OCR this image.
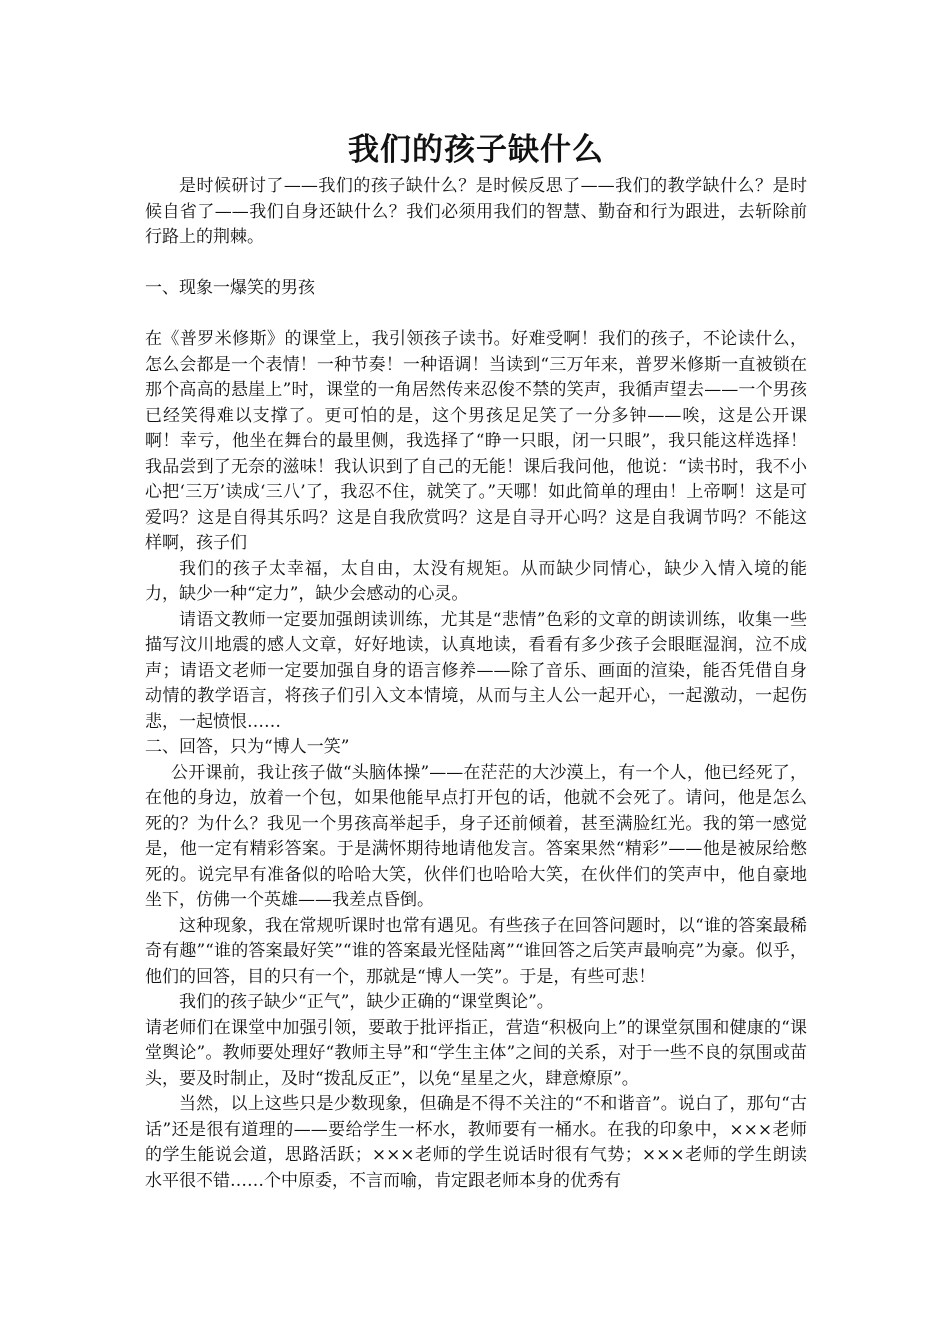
我们的孩子缺什么

是时候研讨了——我们的孩子缺什么？是时候反思了——我们的教学缺什么？是时候自省了——我们自身还缺什么？我们必须用我们的智慧、勤奋和行为跟进，去斩除前行路上的荆棘。

一、现象一爆笑的男孩

在《普罗米修斯》的课堂上，我引领孩子读书。好难受啊！我们的孩子，不论读什么，怎么会都是一个表情！一种节奏！一种语调！当读到“三万年来，普罗米修斯一直被锁在那个高高的悬崖上”时，课堂的一角居然传来忍俊不禁的笑声，我循声望去——一个男孩已经笑得难以支撑了。更可怕的是，这个男孩足足笑了一分多钟——唉，这是公开课啊！幸亏，他坐在舞台的最里侧，我选择了“睁一只眼，闭一只眼”，我只能这样选择！我品尝到了无奈的滋味！我认识到了自己的无能！课后我问他，他说：“读书时，我不小心把‘三万’读成‘三八’了，我忍不住，就笑了。”天哪！如此简单的理由！上帝啊！这是可爱吗？这是自得其乐吗？这是自我欣赏吗？这是自寻开心吗？这是自我调节吗？不能这样啊，孩子们

我们的孩子太幸福，太自由，太没有规矩。从而缺少同情心，缺少入情入境的能力，缺少一种“定力”，缺少会感动的心灵。

请语文教师一定要加强朗读训练，尤其是“悲情”色彩的文章的朗读训练，收集一些描写汶川地震的感人文章，好好地读，认真地读，看看有多少孩子会眼眶湿润，泣不成声；请语文老师一定要加强自身的语言修养——除了音乐、画面的渲染，能否凭借自身动情的教学语言，将孩子们引入文本情境，从而与主人公一起开心，一起激动，一起伤悲，一起愤恨……

二、回答，只为“博人一笑”

公开课前，我让孩子做“头脑体操”——在茫茫的大沙漠上，有一个人，他已经死了，在他的身边，放着一个包，如果他能早点打开包的话，他就不会死了。请问，他是怎么死的？为什么？我见一个男孩高举起手，身子还前倾着，甚至满脸红光。我的第一感觉是，他一定有精彩答案。于是满怀期待地请他发言。答案果然“精彩”——他是被尿给憋死的。说完早有准备似的哈哈大笑，伙伴们也哈哈大笑，在伙伴们的笑声中，他自豪地坐下，仿佛一个英雄——我差点昏倒。

这种现象，我在常规听课时也常有遇见。有些孩子在回答问题时，以“谁的答案最稀奇有趣”“谁的答案最好笑”“谁的答案最光怪陆离”“谁回答之后笑声最响亮”为豪。似乎，他们的回答，目的只有一个，那就是“博人一笑”。于是，有些可悲！

我们的孩子缺少“正气”，缺少正确的“课堂舆论”。

请老师们在课堂中加强引领，要敢于批评指正，营造“积极向上”的课堂氛围和健康的“课堂舆论”。教师要处理好“教师主导”和“学生主体”之间的关系，对于一些不良的氛围或苗头，要及时制止，及时“拨乱反正”，以免“星星之火，肆意燎原”。

当然，以上这些只是少数现象，但确是不得不关注的“不和谐音”。说白了，那句“古话”还是很有道理的——要给学生一杯水，教师要有一桶水。在我的印象中，×××老师的学生能说会道，思路活跃；×××老师的学生说话时很有气势；×××老师的学生朗读水平很不错……个中原委，不言而喻，肯定跟老师本身的优秀有
